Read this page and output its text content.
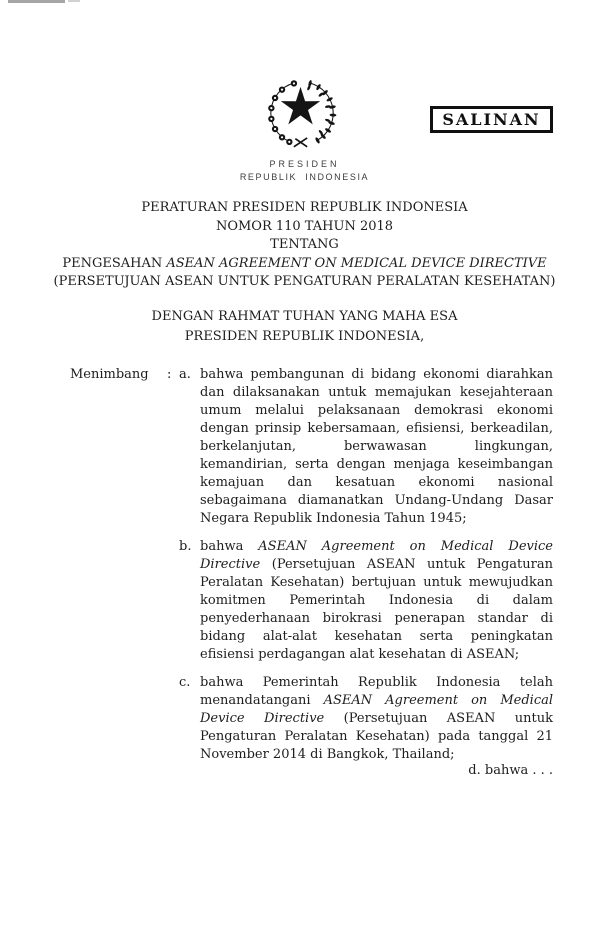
SALINAN
PRESIDEN
REPUBLIK INDONESIA
PERATURAN PRESIDEN REPUBLIK INDONESIA
NOMOR 110 TAHUN 2018
TENTANG
PENGESAHAN ASEAN AGREEMENT ON MEDICAL DEVICE DIRECTIVE
(PERSETUJUAN ASEAN UNTUK PENGATURAN PERALATAN KESEHATAN)
DENGAN RAHMAT TUHAN YANG MAHA ESA
PRESIDEN REPUBLIK INDONESIA,
Menimbang	: a. bahwa pembangunan di bidang ekonomi diarahkan dan dilaksanakan untuk memajukan kesejahteraan umum melalui pelaksanaan demokrasi ekonomi dengan prinsip kebersamaan, efisiensi, berkeadilan, berkelanjutan, berwawasan lingkungan, kemandirian, serta dengan menjaga keseimbangan kemajuan dan kesatuan ekonomi nasional sebagaimana diamanatkan Undang-Undang Dasar Negara Republik Indonesia Tahun 1945;
b. bahwa ASEAN Agreement on Medical Device Directive (Persetujuan ASEAN untuk Pengaturan Peralatan Kesehatan) bertujuan untuk mewujudkan komitmen Pemerintah Indonesia di dalam penyederhanaan birokrasi penerapan standar di bidang alat-alat kesehatan serta peningkatan efisiensi perdagangan alat kesehatan di ASEAN;
c. bahwa Pemerintah Republik Indonesia telah menandatangani ASEAN Agreement on Medical Device Directive (Persetujuan ASEAN untuk Pengaturan Peralatan Kesehatan) pada tanggal 21 November 2014 di Bangkok, Thailand;
d. bahwa . . .
